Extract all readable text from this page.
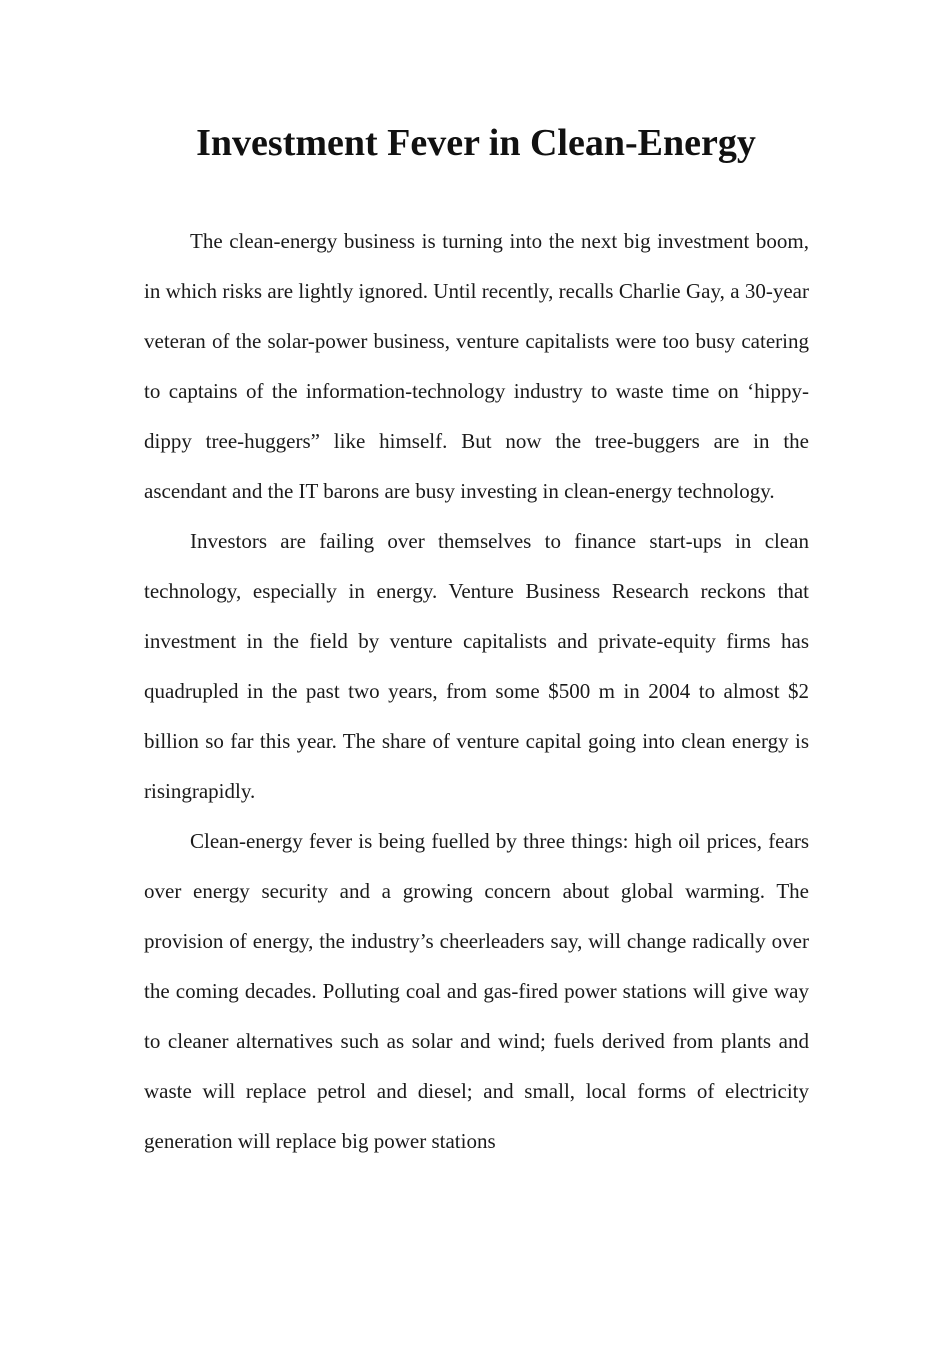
Investment Fever in Clean-Energy

The clean-energy business is turning into the next big investment boom, in which risks are lightly ignored. Until recently, recalls Charlie Gay, a 30-year veteran of the solar-power business, venture capitalists were too busy catering to captains of the information-technology industry to waste time on ‘hippy-dippy tree-huggers” like himself. But now the tree-buggers are in the ascendant and the IT barons are busy investing in clean-energy technology.

Investors are failing over themselves to finance start-ups in clean technology, especially in energy. Venture Business Research reckons that investment in the field by venture capitalists and private-equity firms has quadrupled in the past two years, from some $500 m in 2004 to almost $2 billion so far this year. The share of venture capital going into clean energy is risingrapidly.

Clean-energy fever is being fuelled by three things: high oil prices, fears over energy security and a growing concern about global warming. The provision of energy, the industry’s cheerleaders say, will change radically over the coming decades. Polluting coal and gas-fired power stations will give way to cleaner alternatives such as solar and wind; fuels derived from plants and waste will replace petrol and diesel; and small, local forms of electricity generation will replace big power stations
